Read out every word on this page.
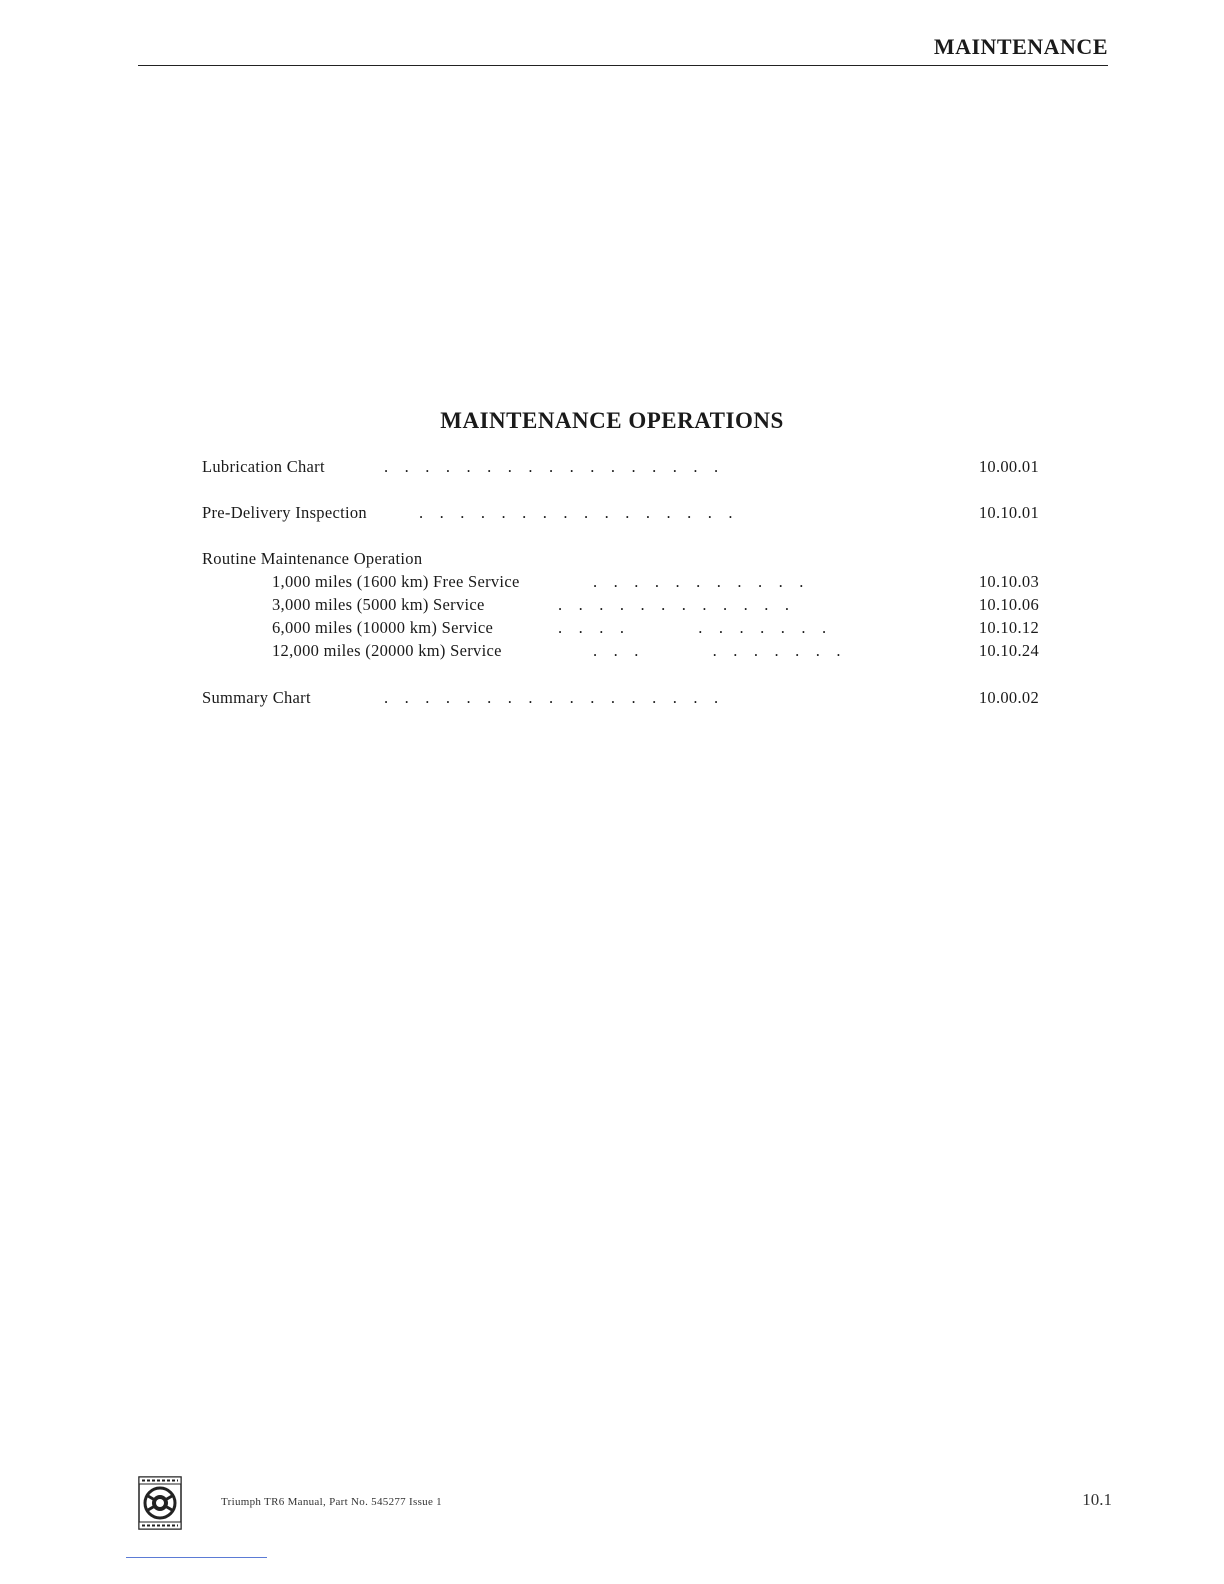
MAINTENANCE
MAINTENANCE OPERATIONS
Lubrication Chart	.    .    .    .    .    .    .    .    .    .    .    .    .    .    .    .    .	10.00.01
Pre-Delivery Inspection	.    .    .    .    .    .    .    .    .    .    .    .    .    .    .    .	10.10.01
Routine Maintenance Operation
1,000 miles (1600 km) Free Service	.    .    .    .    .    .    .    .    .    .    .	10.10.03
3,000 miles (5000 km) Service	.    .    .    .    .    .    .    .    .    .    .    .	10.10.06
6,000 miles (10000 km) Service	.    .    .    .                  .    .    .    .    .    .    .	10.10.12
12,000 miles (20000 km) Service	.    .    .                  .    .    .    .    .    .    .	10.10.24
Summary Chart	.    .    .    .    .    .    .    .    .    .    .    .    .    .    .    .    .	10.00.02
Triumph TR6 Manual, Part No. 545277 Issue 1	10.1
